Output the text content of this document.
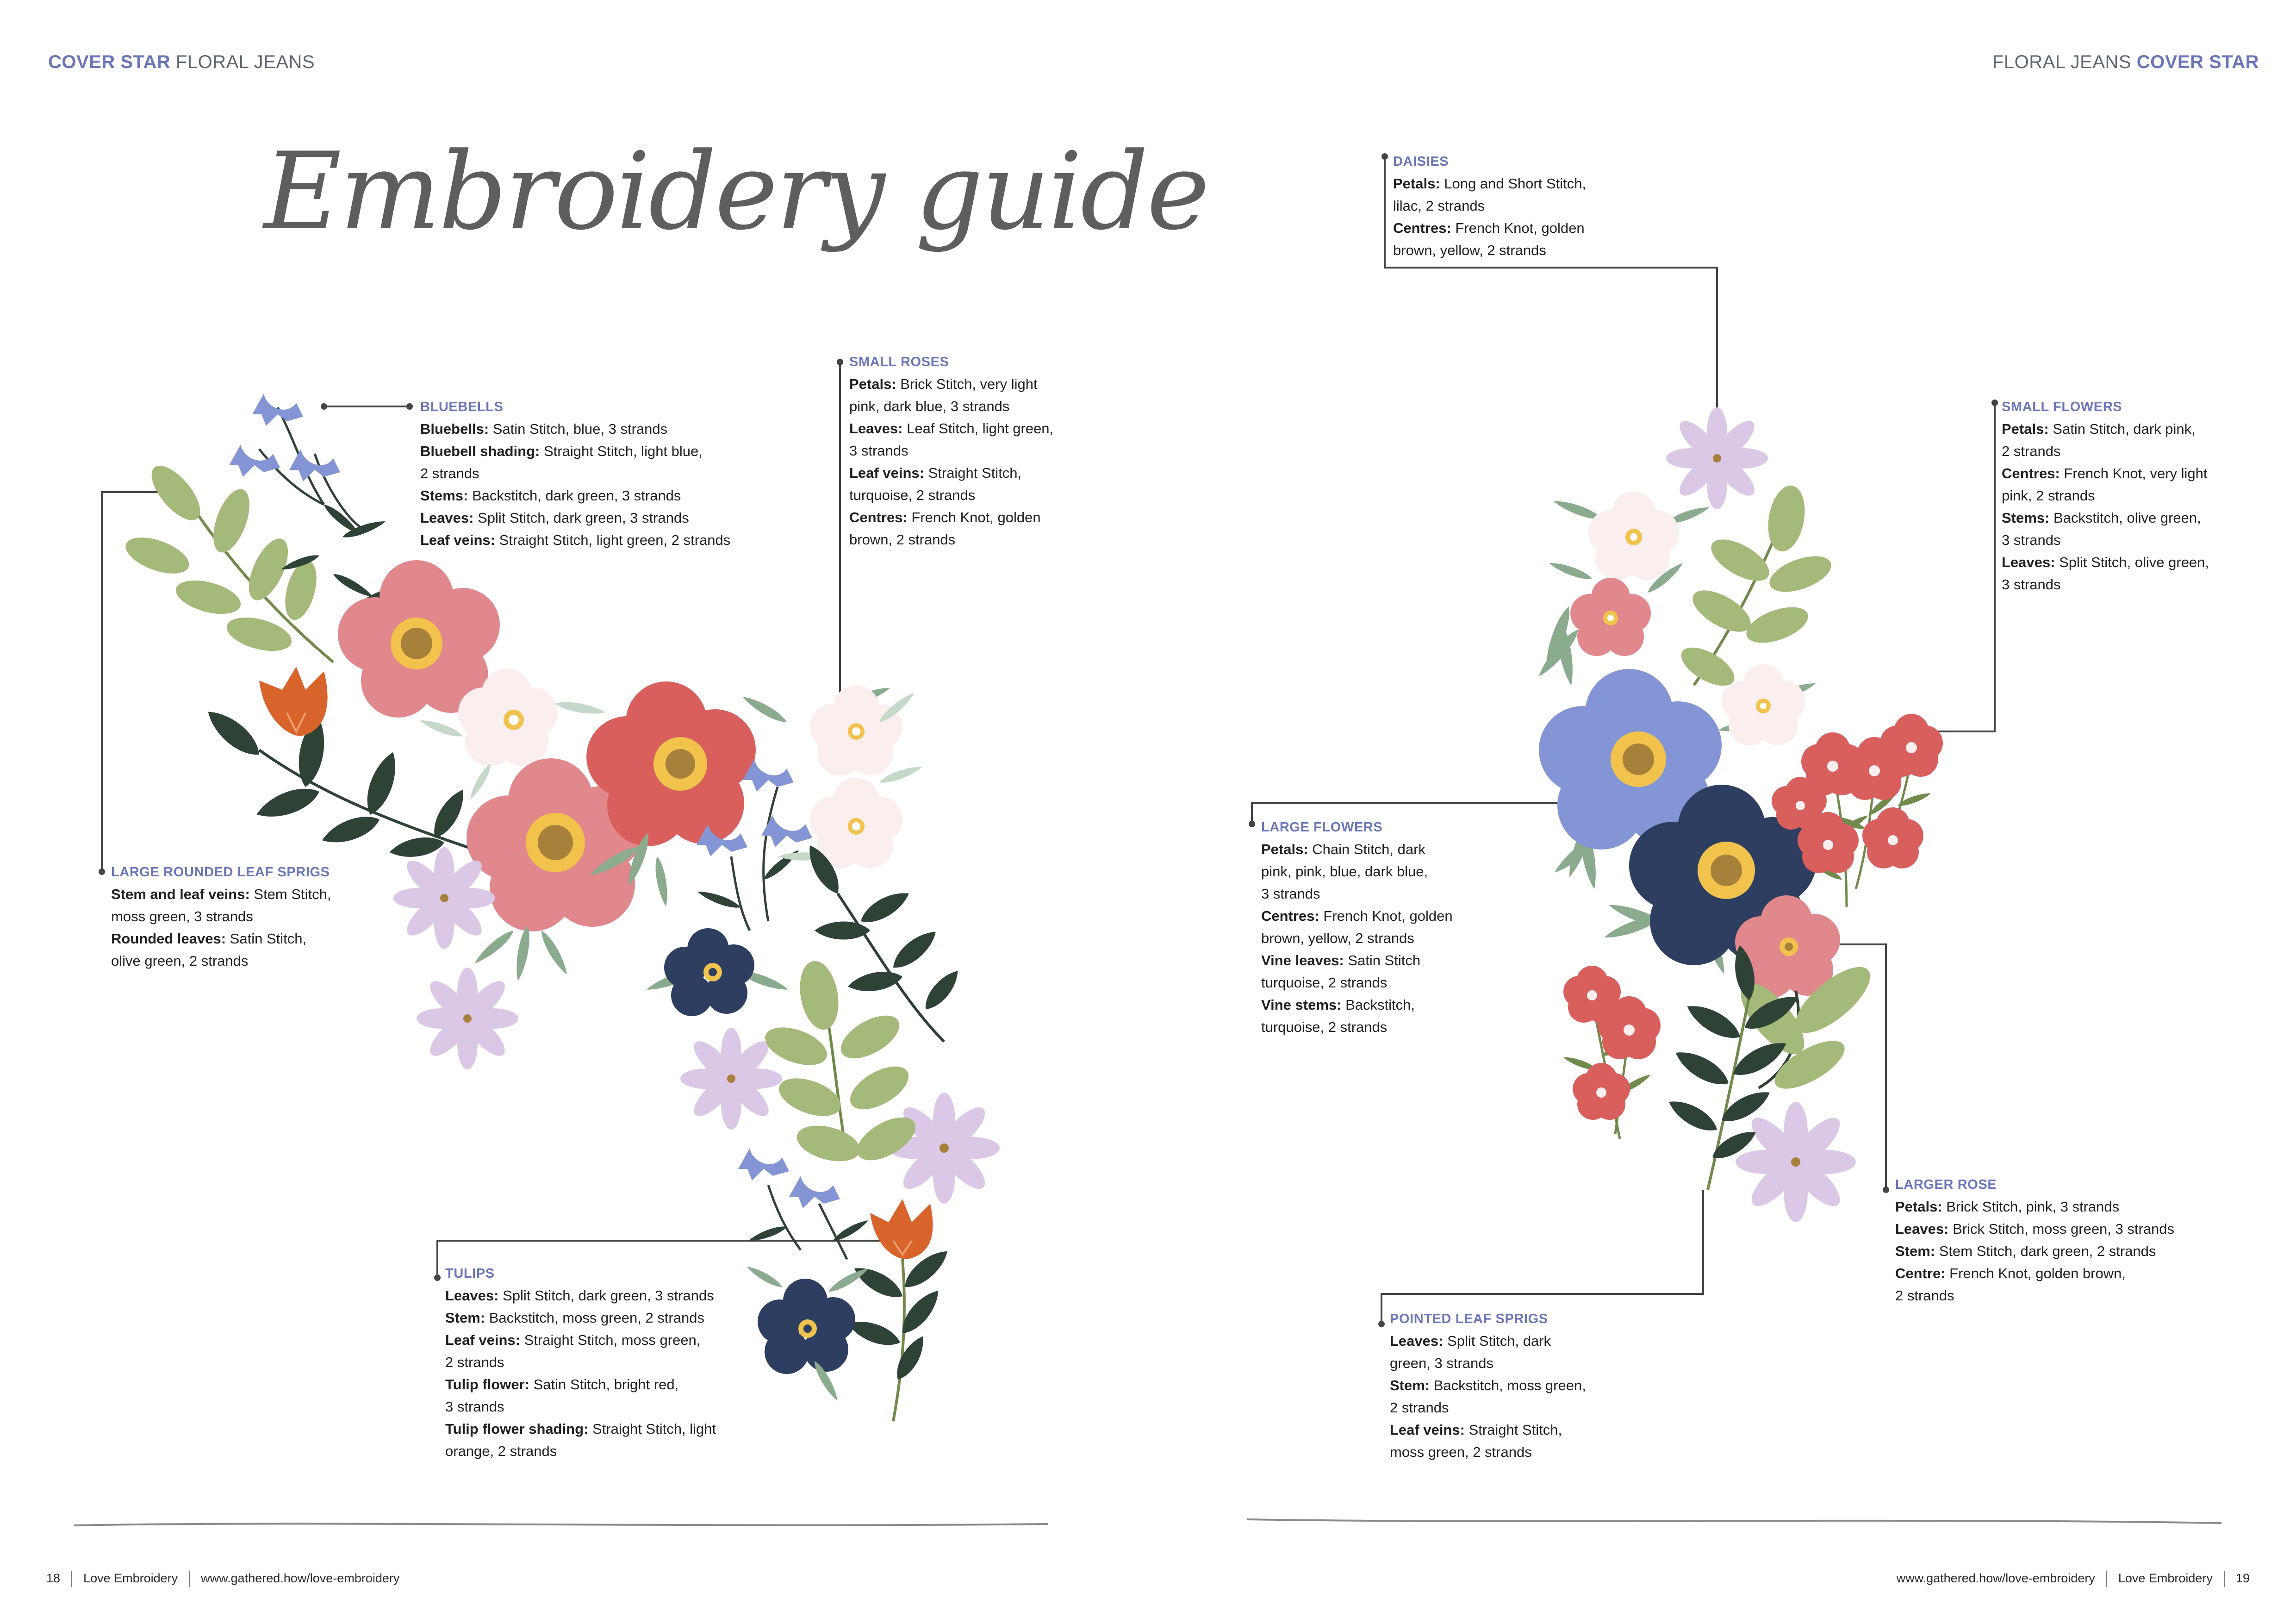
COVER STAR FLORAL JEANS	FLORAL JEANS COVER STAR
Embroidery guide
BLUEBELLS

Bluebells: Satin Stitch, blue, 3 strands

Bluebell shading: Straight Stitch, light blue,

2 strands

Stems: Backstitch, dark green, 3 strands

Leaves: Split Stitch, dark green, 3 strands

Leaf veins: Straight Stitch, light green, 2 strands

SMALL ROSES

Petals: Brick Stitch, very light

pink, dark blue, 3 strands

Leaves: Leaf Stitch, light green,

3 strands

Leaf veins: Straight Stitch,

turquoise, 2 strands

Centres: French Knot, golden

brown, 2 strands

LARGE ROUNDED LEAF SPRIGS

Stem and leaf veins: Stem Stitch,

moss green, 3 strands

Rounded leaves: Satin Stitch,

olive green, 2 strands

TULIPS

Leaves: Split Stitch, dark green, 3 strands

Stem: Backstitch, moss green, 2 strands

Leaf veins: Straight Stitch, moss green,

2 strands

Tulip flower: Satin Stitch, bright red,

3 strands

Tulip flower shading: Straight Stitch, light

orange, 2 strands

DAISIES

Petals: Long and Short Stitch,

lilac, 2 strands

Centres: French Knot, golden

brown, yellow, 2 strands

SMALL FLOWERS

Petals: Satin Stitch, dark pink,

2 strands

Centres: French Knot, very light

pink, 2 strands

Stems: Backstitch, olive green,

3 strands

Leaves: Split Stitch, olive green,

3 strands

LARGE FLOWERS

Petals: Chain Stitch, dark

pink, pink, blue, dark blue,

3 strands

Centres: French Knot, golden

brown, yellow, 2 strands

Vine leaves: Satin Stitch

turquoise, 2 strands

Vine stems: Backstitch,

turquoise, 2 strands

LARGER ROSE

Petals: Brick Stitch, pink, 3 strands

Leaves: Brick Stitch, moss green, 3 strands

Stem: Stem Stitch, dark green, 2 strands

Centre: French Knot, golden brown,

2 strands

POINTED LEAF SPRIGS

Leaves: Split Stitch, dark

green, 3 strands

Stem: Backstitch, moss green,

2 strands

Leaf veins: Straight Stitch,

moss green, 2 strands

18 Love Embroidery www.gathered.how/love-embroidery	www.gathered.how/love-embroidery Love Embroidery 19
